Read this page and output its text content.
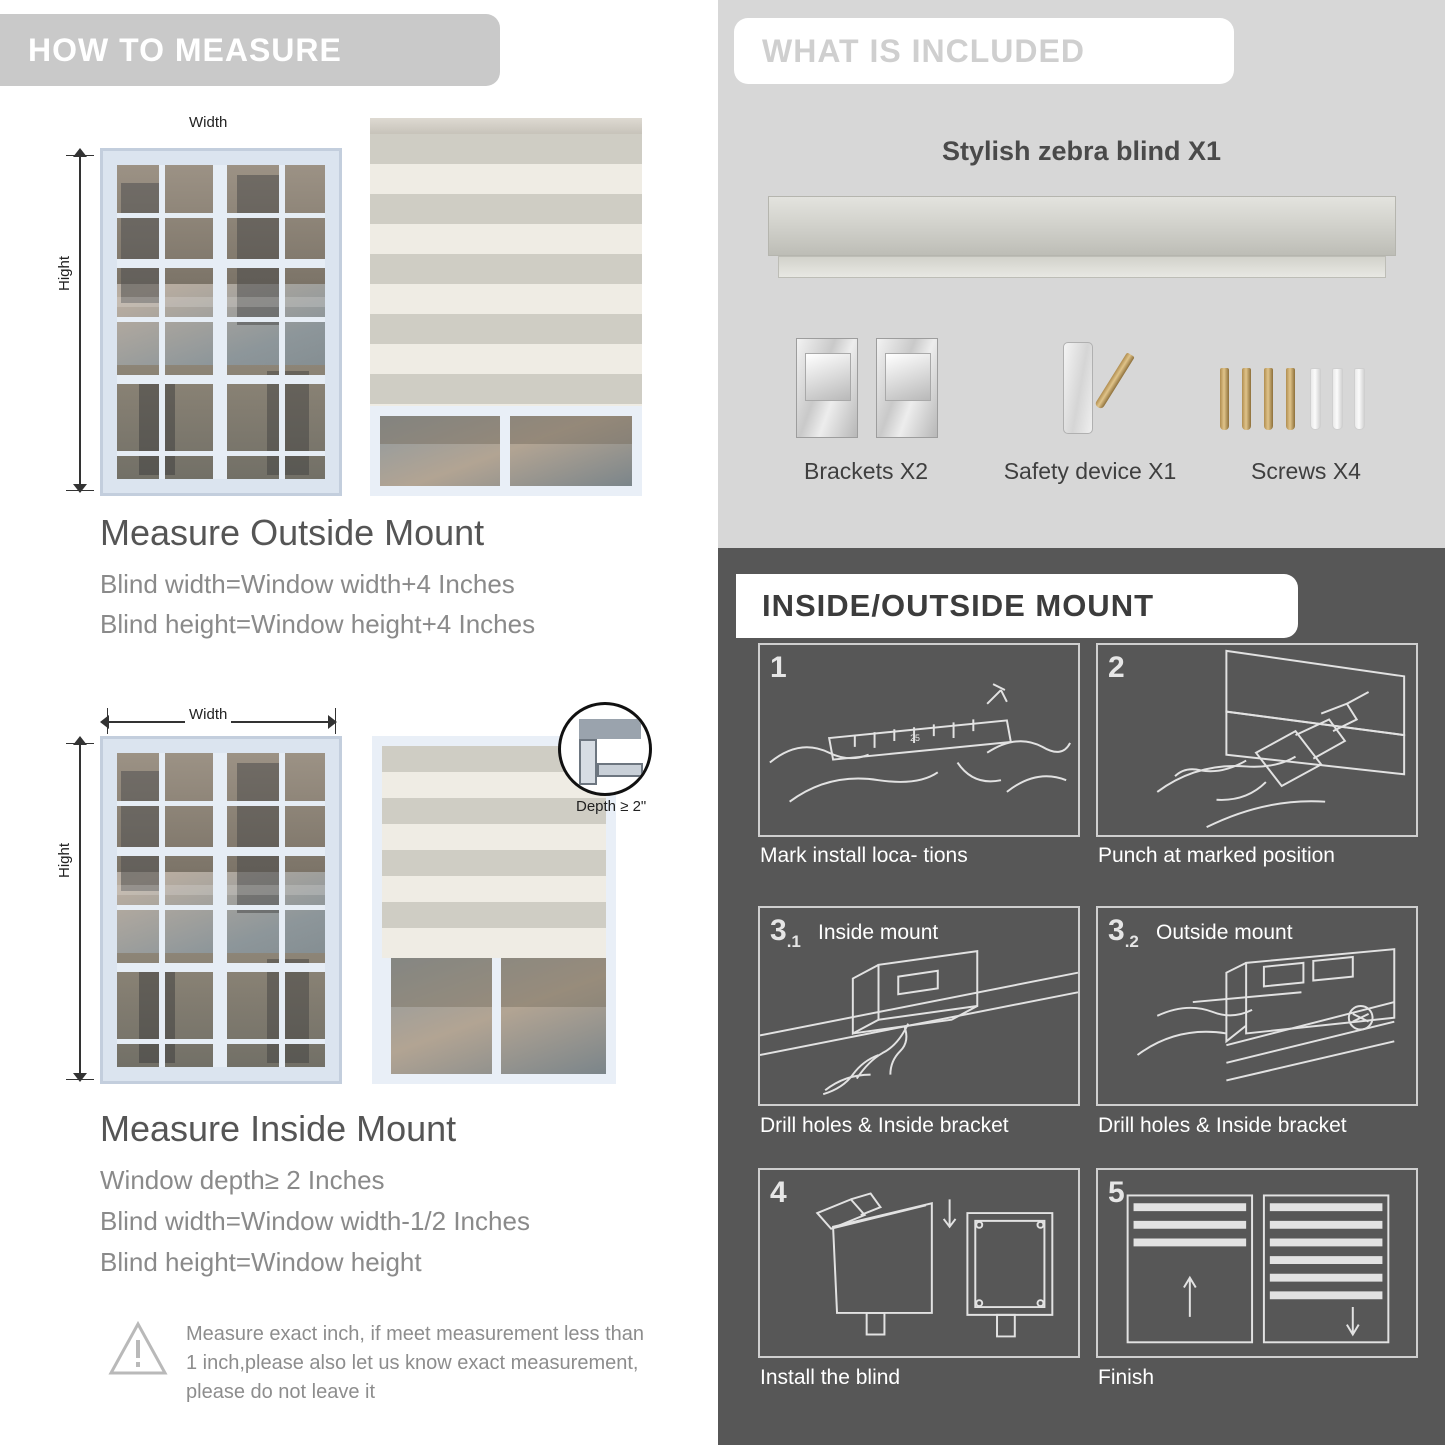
HOW TO MEASURE
Width
Hight
Measure Outside Mount
Blind width=Window width+4 Inches
Blind height=Window height+4 Inches
Width
Hight
Depth ≥ 2"
Measure Inside Mount
Window depth≥ 2 Inches
Blind width=Window width-1/2 Inches
Blind height=Window height
Measure exact inch, if meet measurement less than 1 inch,please also let us know exact measurement, please do not leave it
WHAT IS INCLUDED
Stylish zebra blind X1
Brackets X2	Safety device X1	Screws X4
INSIDE/OUTSIDE MOUNT
1
25
Mark install loca- tions
2
Punch at marked position
$3_{.1}$ Inside mount
Drill holes & Inside bracket
$3_{.2}$ Outside mount
Drill holes & Inside bracket
4
Install the blind
5
Finish
